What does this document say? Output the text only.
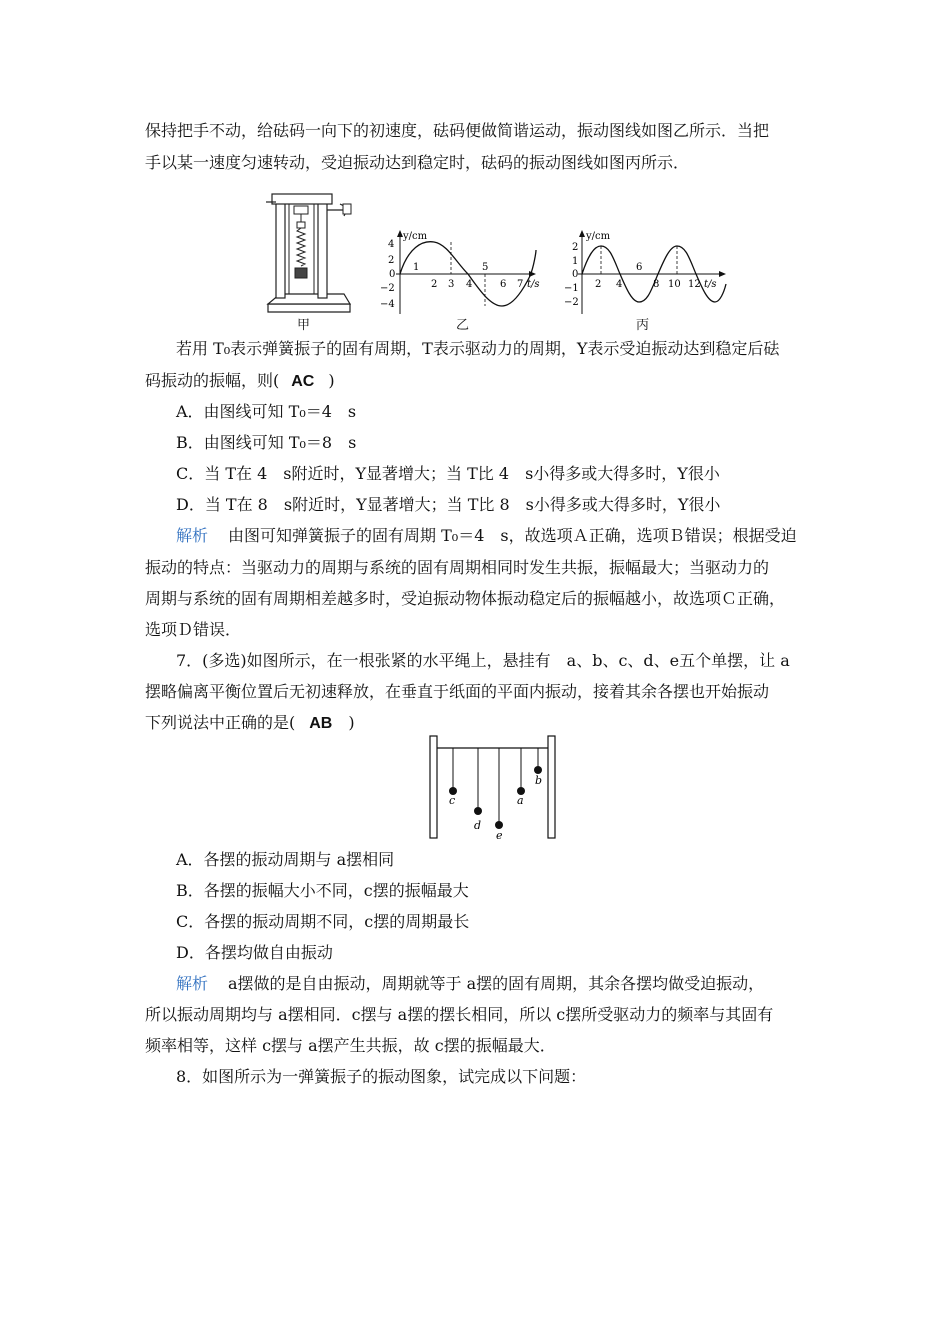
保持把手不动，给砝码一向下的初速度，砝码便做简谐运动，振动图线如图乙所示．当把
手以某一速度匀速转动，受迫振动达到稳定时，砝码的振动图线如图丙所示．
甲
y/cm
4
2
0
−2
−4
1
2 3 4
5
6 7 t/s
乙
y/cm
2
1
0
−1
−2
2 4
6
8 10 12 t/s
丙
若用 T₀表示弹簧振子的固有周期，T表示驱动力的周期，Y表示受迫振动达到稳定后砝
码振动的振幅，则( AC )
A．由图线可知 T₀＝4　s
B．由图线可知 T₀＝8　s
C．当 T在 4　s附近时，Y显著增大；当 T比 4　s小得多或大得多时，Y很小
D．当 T在 8　s附近时，Y显著增大；当 T比 8　s小得多或大得多时，Y很小
解析 由图可知弹簧振子的固有周期 T₀＝4　s，故选项Ａ正确，选项Ｂ错误；根据受迫
振动的特点：当驱动力的周期与系统的固有周期相同时发生共振，振幅最大；当驱动力的
周期与系统的固有周期相差越多时，受迫振动物体振动稳定后的振幅越小，故选项Ｃ正确，
选项Ｄ错误．
7．(多选)如图所示，在一根张紧的水平绳上，悬挂有　a、b、c、d、e五个单摆，让 a
摆略偏离平衡位置后无初速释放，在垂直于纸面的平面内振动，接着其余各摆也开始振动
下列说法中正确的是( AB )
c
d
e
a
b
A．各摆的振动周期与 a摆相同
B．各摆的振幅大小不同，c摆的振幅最大
C．各摆的振动周期不同，c摆的周期最长
D．各摆均做自由振动
解析 a摆做的是自由振动，周期就等于 a摆的固有周期，其余各摆均做受迫振动，
所以振动周期均与 a摆相同．c摆与 a摆的摆长相同，所以 c摆所受驱动力的频率与其固有
频率相等，这样 c摆与 a摆产生共振，故 c摆的振幅最大．
8．如图所示为一弹簧振子的振动图象，试完成以下问题：
